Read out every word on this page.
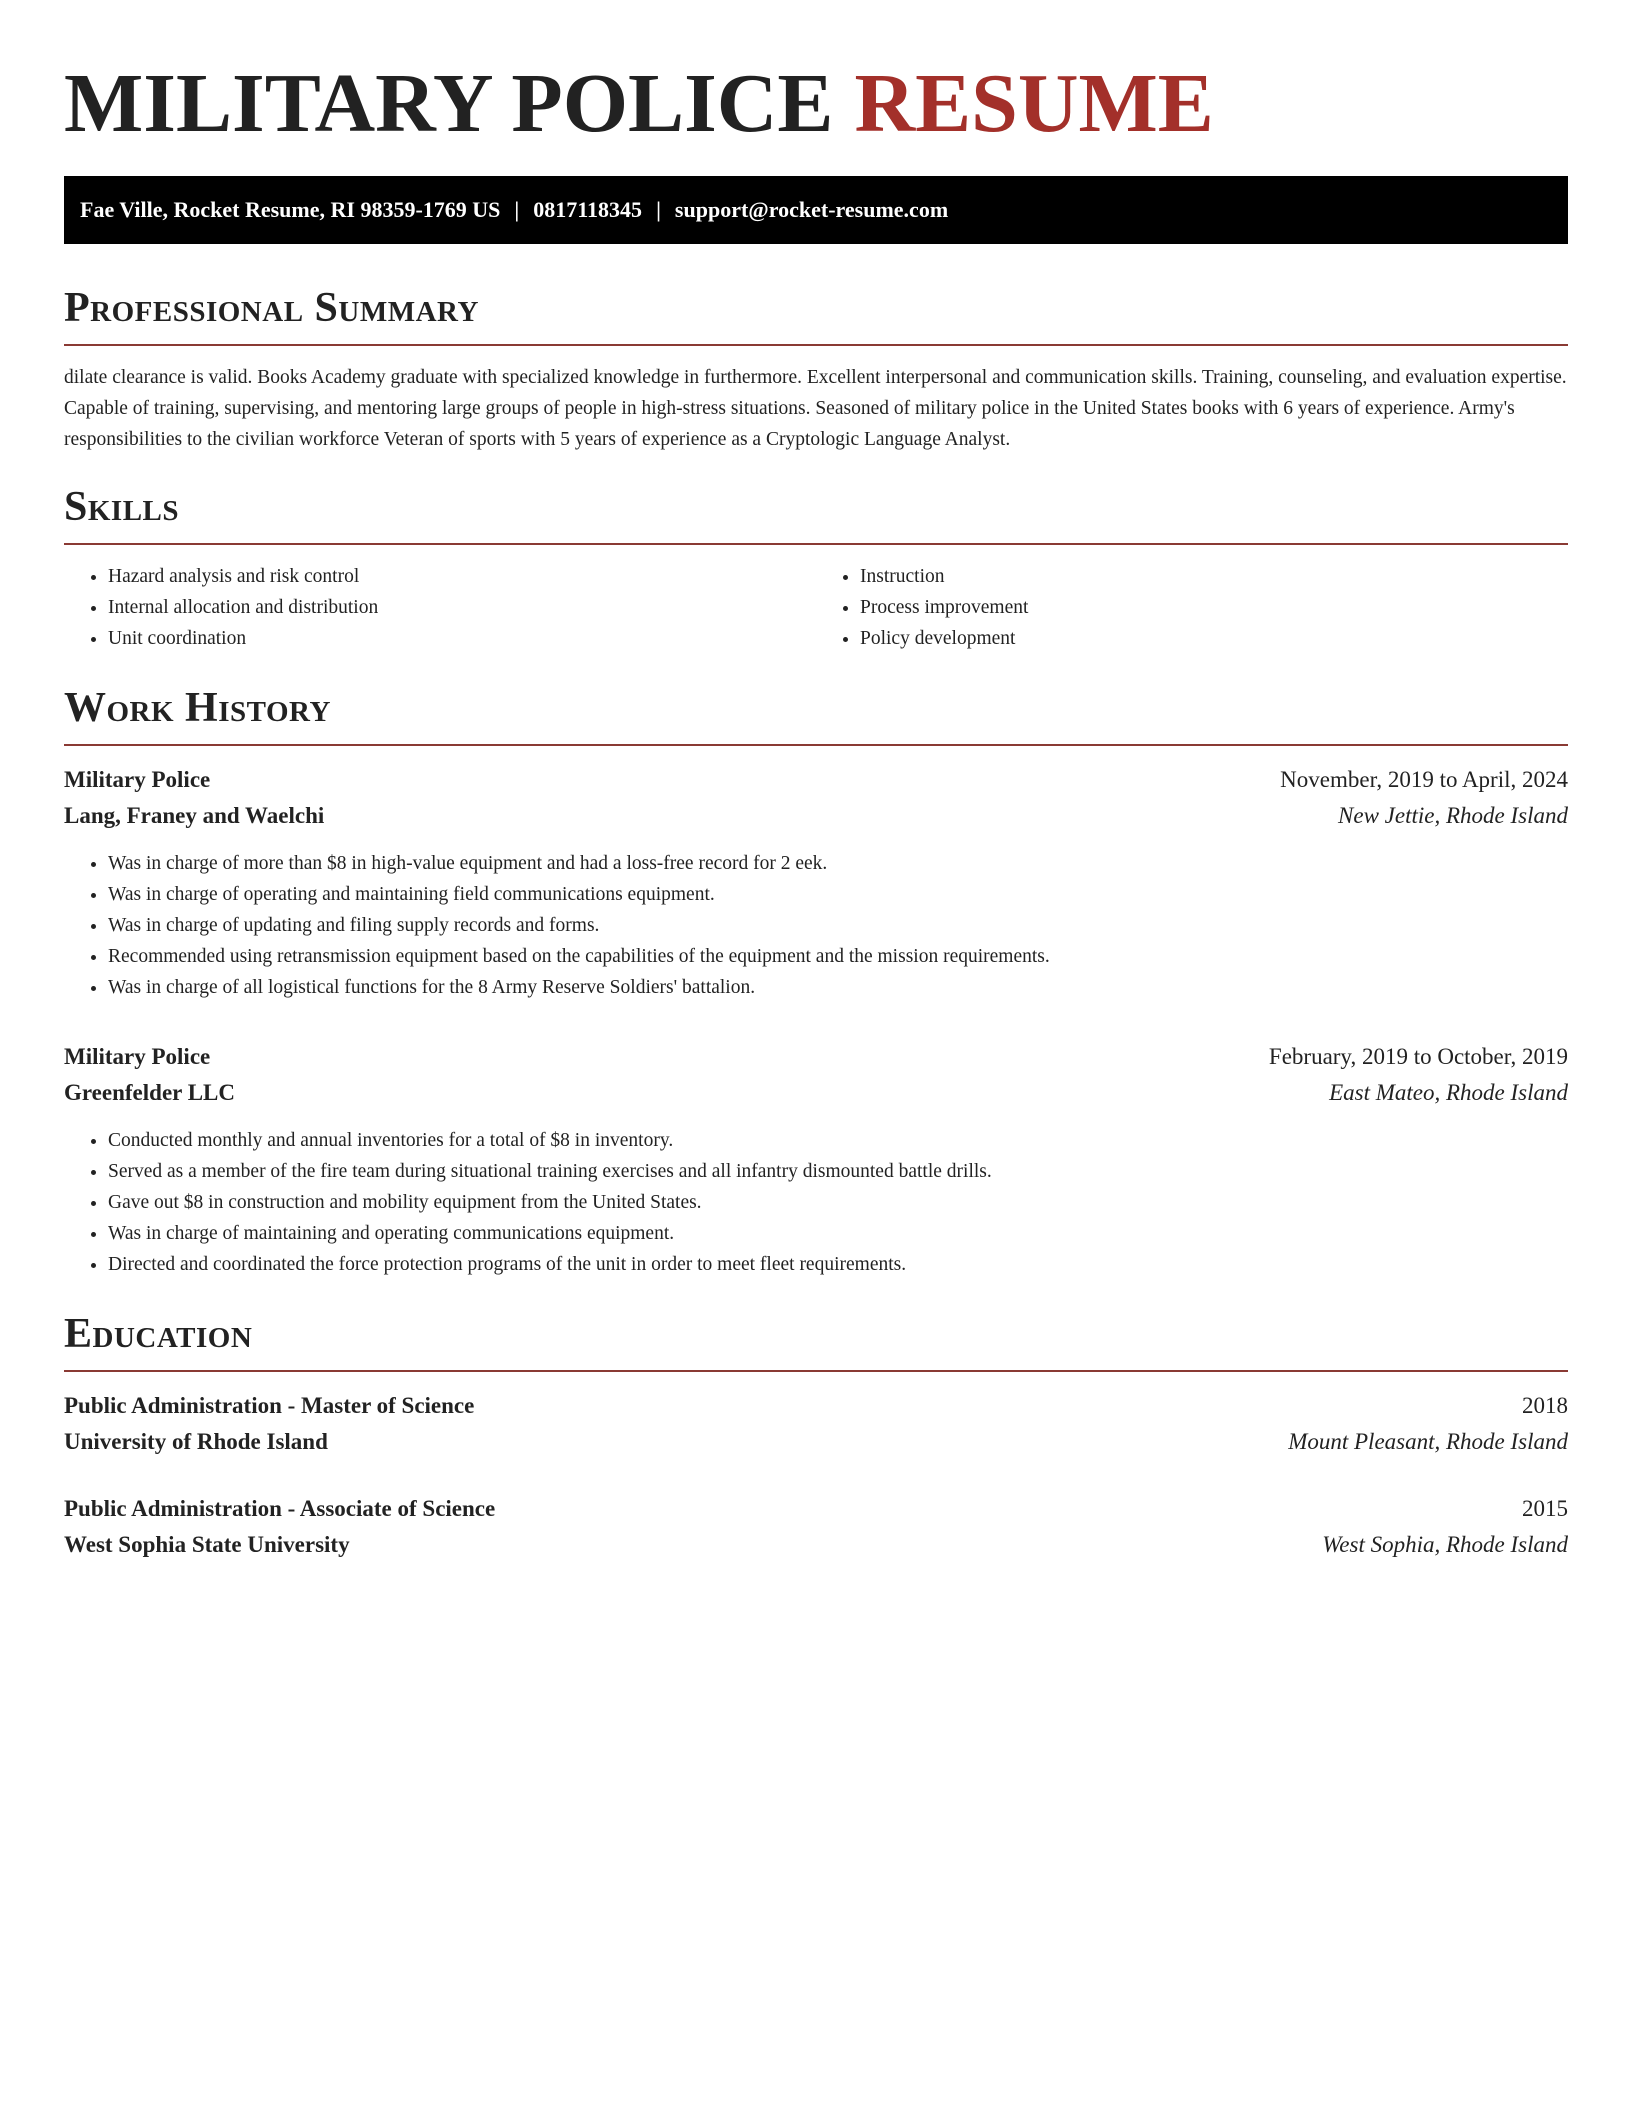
MILITARY POLICE RESUME
Fae Ville, Rocket Resume, RI 98359-1769 US | 0817118345 | support@rocket-resume.com
Professional Summary

dilate clearance is valid. Books Academy graduate with specialized knowledge in furthermore. Excellent interpersonal and communication skills. Training, counseling, and evaluation expertise. Capable of training, supervising, and mentoring large groups of people in high-stress situations. Seasoned of military police in the United States books with 6 years of experience. Army's responsibilities to the civilian workforce Veteran of sports with 5 years of experience as a Cryptologic Language Analyst.

Skills
• Hazard analysis and risk control
• Internal allocation and distribution
• Unit coordination
• Instruction
• Process improvement
• Policy development
Work History
Military Police	November, 2019 to April, 2024
Lang, Franey and Waelchi	New Jettie, Rhode Island
• Was in charge of more than $8 in high-value equipment and had a loss-free record for 2 eek.
• Was in charge of operating and maintaining field communications equipment.
• Was in charge of updating and filing supply records and forms.
• Recommended using retransmission equipment based on the capabilities of the equipment and the mission requirements.
• Was in charge of all logistical functions for the 8 Army Reserve Soldiers' battalion.
Military Police	February, 2019 to October, 2019
Greenfelder LLC	East Mateo, Rhode Island
• Conducted monthly and annual inventories for a total of $8 in inventory.
• Served as a member of the fire team during situational training exercises and all infantry dismounted battle drills.
• Gave out $8 in construction and mobility equipment from the United States.
• Was in charge of maintaining and operating communications equipment.
• Directed and coordinated the force protection programs of the unit in order to meet fleet requirements.
Education
Public Administration - Master of Science	2018
University of Rhode Island	Mount Pleasant, Rhode Island
Public Administration - Associate of Science	2015
West Sophia State University	West Sophia, Rhode Island
